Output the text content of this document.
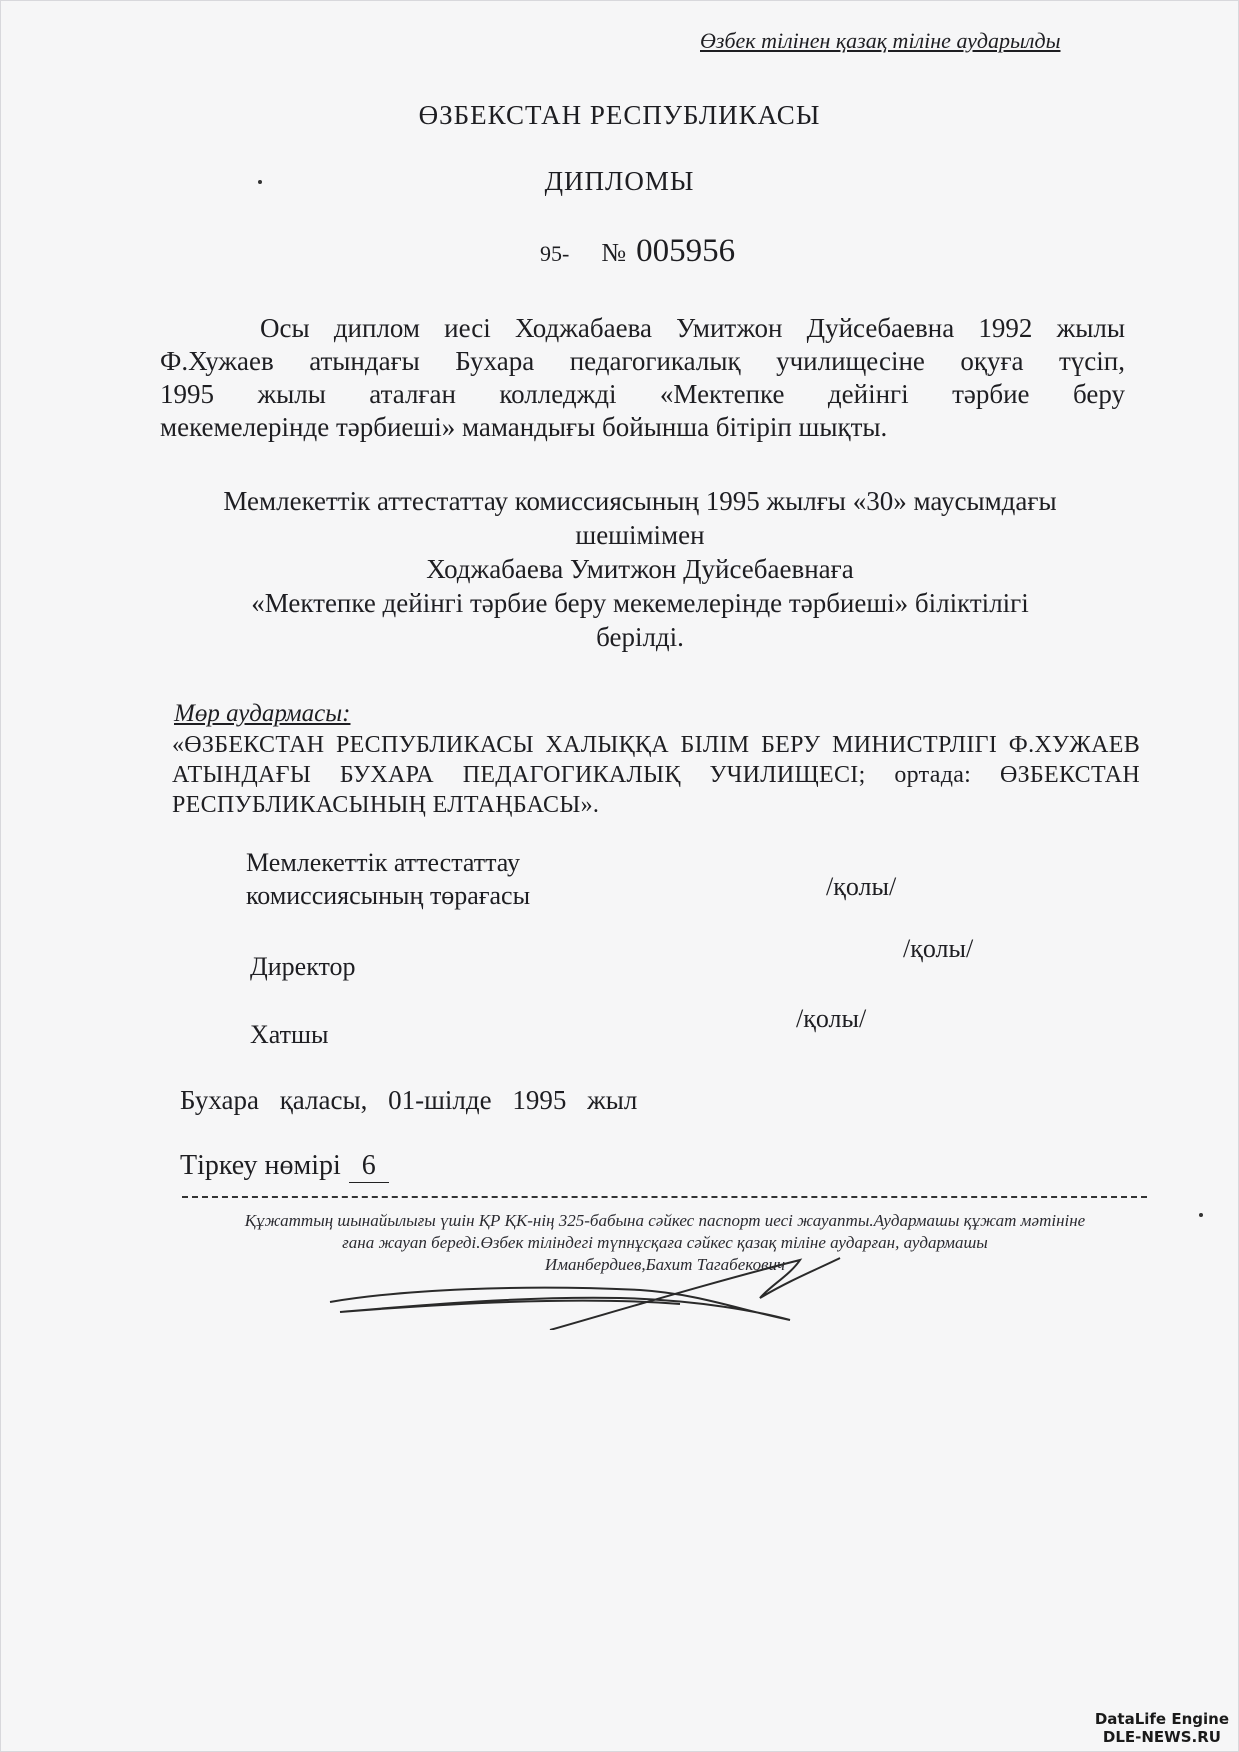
Өзбек тілінен қазақ тіліне аударылды
ӨЗБЕКСТАН РЕСПУБЛИКАСЫ
ДИПЛОМЫ
95- № 005956

Осы диплом иесі Ходжабаева Умитжон Дуйсебаевна 1992 жылы

Ф.Хужаев атындағы Бухара педагогикалық училищесіне оқуға түсіп,

1995 жылы аталған колледжді «Мектепке дейінгі тәрбие беру

мекемелерінде тәрбиеші» мамандығы бойынша бітіріп шықты.

Мемлекеттік аттестаттау комиссиясының 1995 жылғы «30» маусымдағы
шешімімен
Ходжабаева Умитжон Дуйсебаевнаға
«Мектепке дейінгі тәрбие беру мекемелерінде тәрбиеші» біліктілігі
берілді.
Мөр аудармасы:
«ӨЗБЕКСТАН РЕСПУБЛИКАСЫ ХАЛЫҚҚА БІЛІМ БЕРУ МИНИСТРЛІГІ Ф.ХУЖАЕВ
АТЫНДАҒЫ БУХАРА ПЕДАГОГИКАЛЫҚ УЧИЛИЩЕСІ; ортада: ӨЗБЕКСТАН
РЕСПУБЛИКАСЫНЫҢ ЕЛТАҢБАСЫ».
Мемлекеттік аттестаттау
комиссиясының төрағасы	/қолы/
Директор
/қолы/
Хатшы
/қолы/
Бухара қаласы, 01-шілде 1995 жыл
Тіркеу нөмірі 6
Құжаттың шынайылығы үшін ҚР ҚК-нің 325-бабына сәйкес паспорт иесі жауапты.Аудармашы құжат мәтініне
ғана жауап береді.Өзбек тіліндегі түпнұсқаға сәйкес қазақ тіліне аударған, аудармашы
Иманбердиев,Бахит Тагабекович
DataLife Engine
DLE-NEWS.RU
